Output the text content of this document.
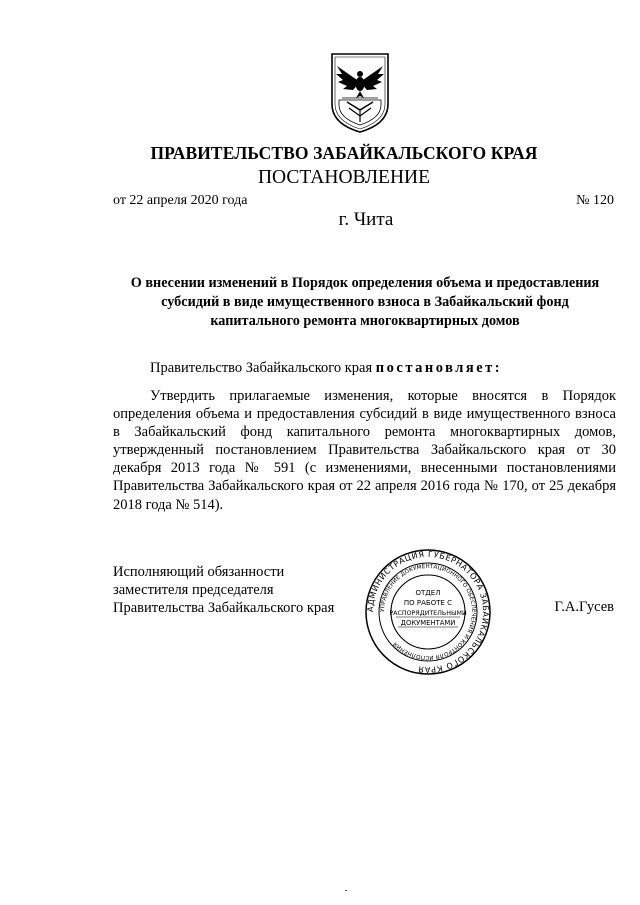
ПРАВИТЕЛЬСТВО ЗАБАЙКАЛЬСКОГО КРАЯ
ПОСТАНОВЛЕНИЕ
от 22 апреля 2020 года	№ 120
г. Чита
О внесении изменений в Порядок определения объема и предоставления
субсидий в виде имущественного взноса в Забайкальский фонд
капитального ремонта многоквартирных домов
Правительство Забайкальского края постановляет:
Утвердить прилагаемые изменения, которые вносятся в Порядок определения объема и предоставления субсидий в виде имущественного взноса в Забайкальский фонд капитального ремонта многоквартирных домов, утвержденный постановлением Правительства Забайкальского края от 30 декабря 2013 года № 591 (с изменениями, внесенными постановлениями Правительства Забайкальского края от 22 апреля 2016 года № 170, от 25 декабря 2018 года № 514).
Исполняющий обязанности
заместителя председателя
Правительства Забайкальского края	Г.А.Гусев
АДМИНИСТРАЦИЯ ГУБЕРНАТОРА ЗАБАЙКАЛЬСКОГО КРАЯ
УПРАВЛЕНИЕ ДОКУМЕНТАЦИОННОГО ОБЕСПЕЧЕНИЯ И КОНТРОЛЯ ИСПОЛНЕНИЯ
ОТДЕЛ
ПО РАБОТЕ С
РАСПОРЯДИТЕЛЬНЫМИ
ДОКУМЕНТАМИ
